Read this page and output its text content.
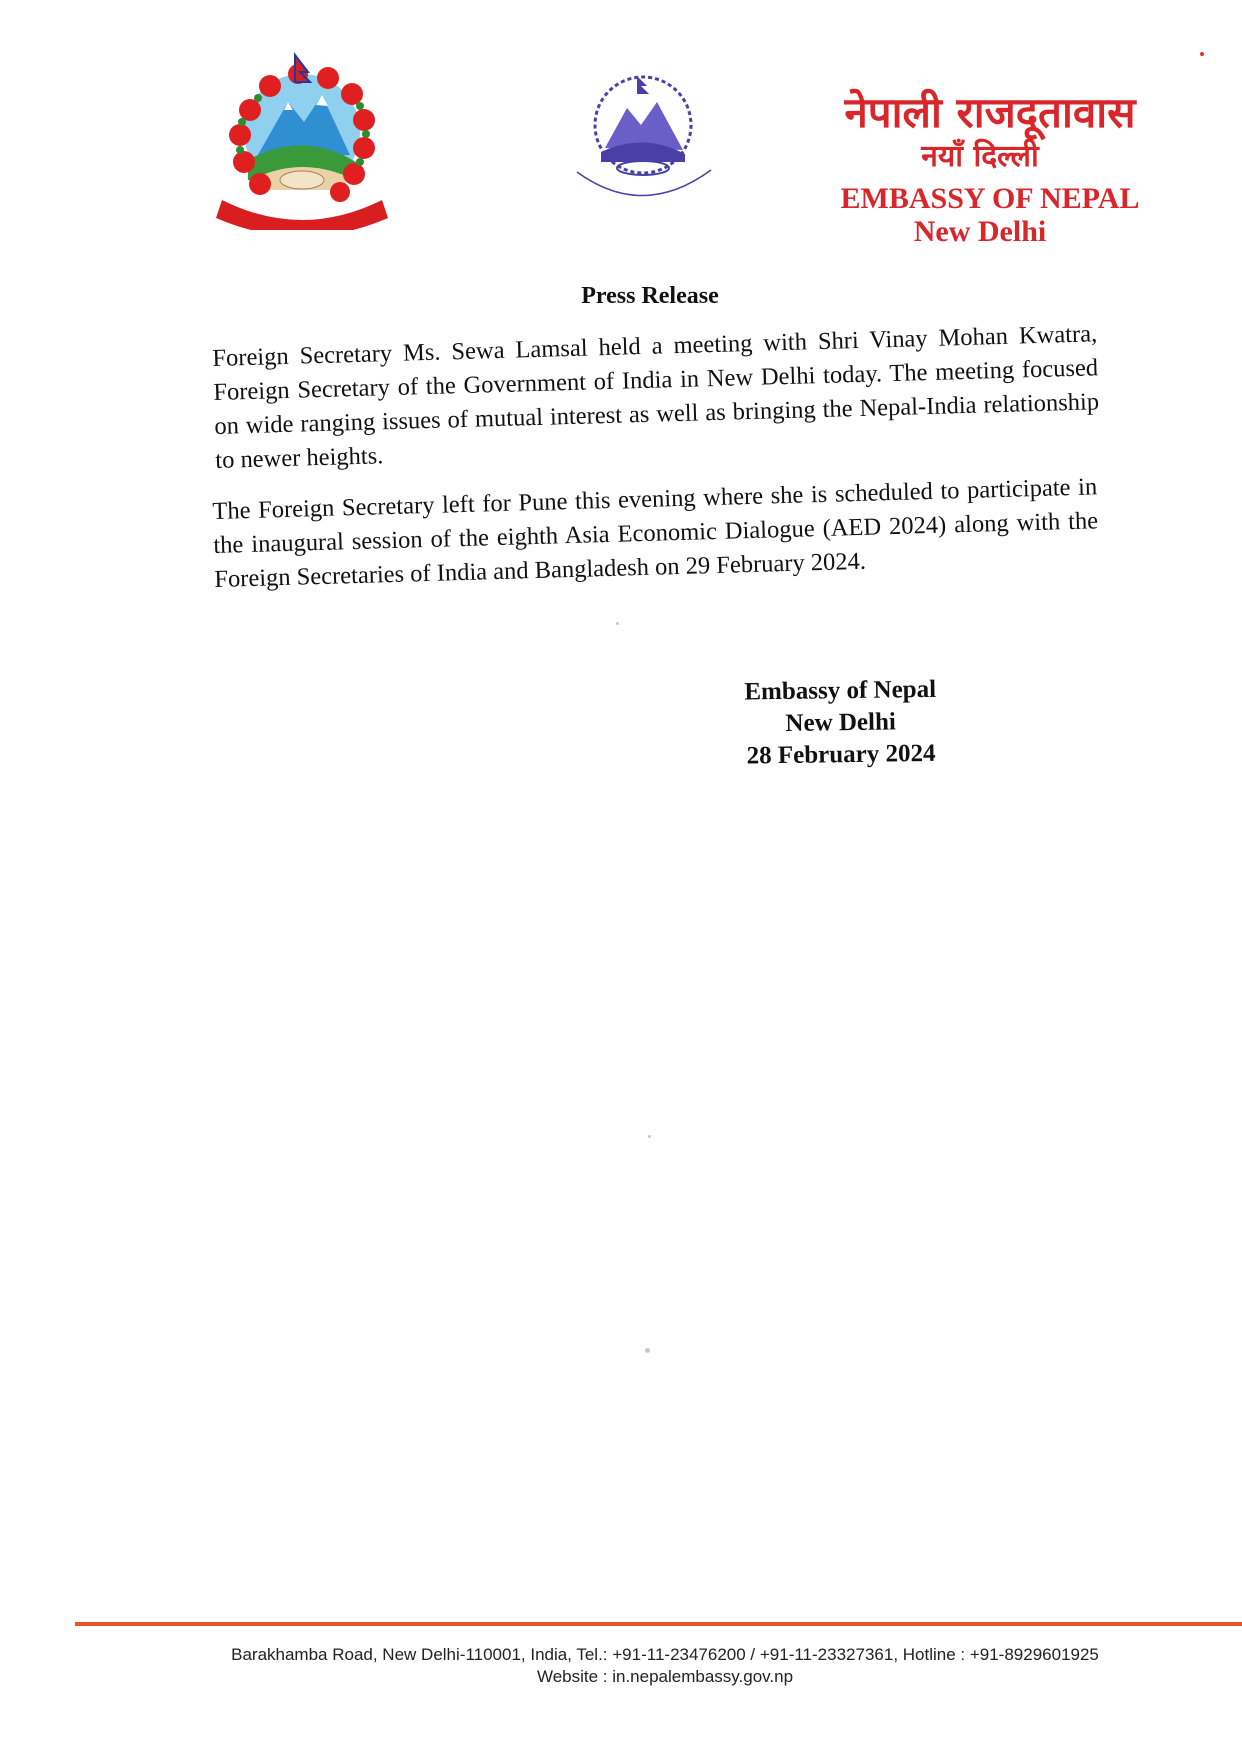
नेपाली राजदूतावास
नयाँ दिल्ली
EMBASSY OF NEPAL
New Delhi
Press Release
Foreign Secretary Ms. Sewa Lamsal held a meeting with Shri Vinay Mohan Kwatra, Foreign Secretary of the Government of India in New Delhi today. The meeting focused on wide ranging issues of mutual interest as well as bringing the Nepal-India relationship to newer heights.
The Foreign Secretary left for Pune this evening where she is scheduled to participate in the inaugural session of the eighth Asia Economic Dialogue (AED 2024) along with the Foreign Secretaries of India and Bangladesh on 29 February 2024.
Embassy of Nepal
New Delhi
28 February 2024
Barakhamba Road, New Delhi-110001, India, Tel.: +91-11-23476200 / +91-11-23327361, Hotline : +91-8929601925
Website : in.nepalembassy.gov.np
